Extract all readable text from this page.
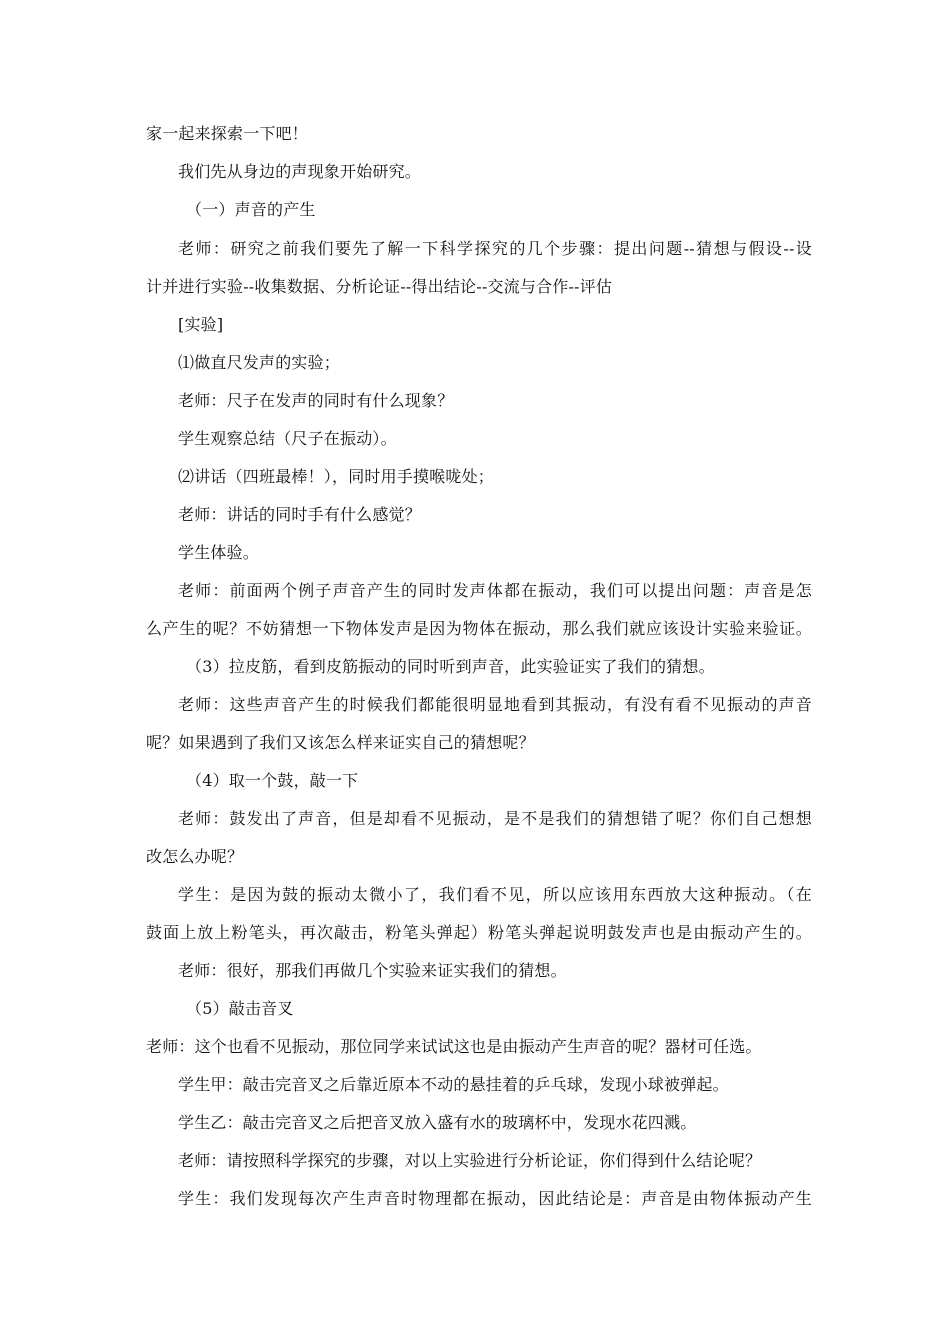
家一起来探索一下吧！
我们先从身边的声现象开始研究。
（一）声音的产生
老师：研究之前我们要先了解一下科学探究的几个步骤：提出问题--猜想与假设--设
计并进行实验--收集数据、分析论证--得出结论--交流与合作--评估
[实验]
⑴做直尺发声的实验；
老师：尺子在发声的同时有什么现象？
学生观察总结（尺子在振动）。
⑵讲话（四班最棒！），同时用手摸喉咙处；
老师：讲话的同时手有什么感觉？
学生体验。
老师：前面两个例子声音产生的同时发声体都在振动，我们可以提出问题：声音是怎
么产生的呢？不妨猜想一下物体发声是因为物体在振动，那么我们就应该设计实验来验证。
（3）拉皮筋，看到皮筋振动的同时听到声音，此实验证实了我们的猜想。
老师：这些声音产生的时候我们都能很明显地看到其振动，有没有看不见振动的声音
呢？如果遇到了我们又该怎么样来证实自己的猜想呢？
（4）取一个鼓，敲一下
老师：鼓发出了声音，但是却看不见振动，是不是我们的猜想错了呢？你们自己想想
改怎么办呢？
学生：是因为鼓的振动太微小了，我们看不见，所以应该用东西放大这种振动。（在
鼓面上放上粉笔头，再次敲击，粉笔头弹起）粉笔头弹起说明鼓发声也是由振动产生的。
老师：很好，那我们再做几个实验来证实我们的猜想。
（5）敲击音叉
老师：这个也看不见振动，那位同学来试试这也是由振动产生声音的呢？器材可任选。
学生甲：敲击完音叉之后靠近原本不动的悬挂着的乒乓球，发现小球被弹起。
学生乙：敲击完音叉之后把音叉放入盛有水的玻璃杯中，发现水花四溅。
老师：请按照科学探究的步骤，对以上实验进行分析论证，你们得到什么结论呢？
学生：我们发现每次产生声音时物理都在振动，因此结论是：声音是由物体振动产生
